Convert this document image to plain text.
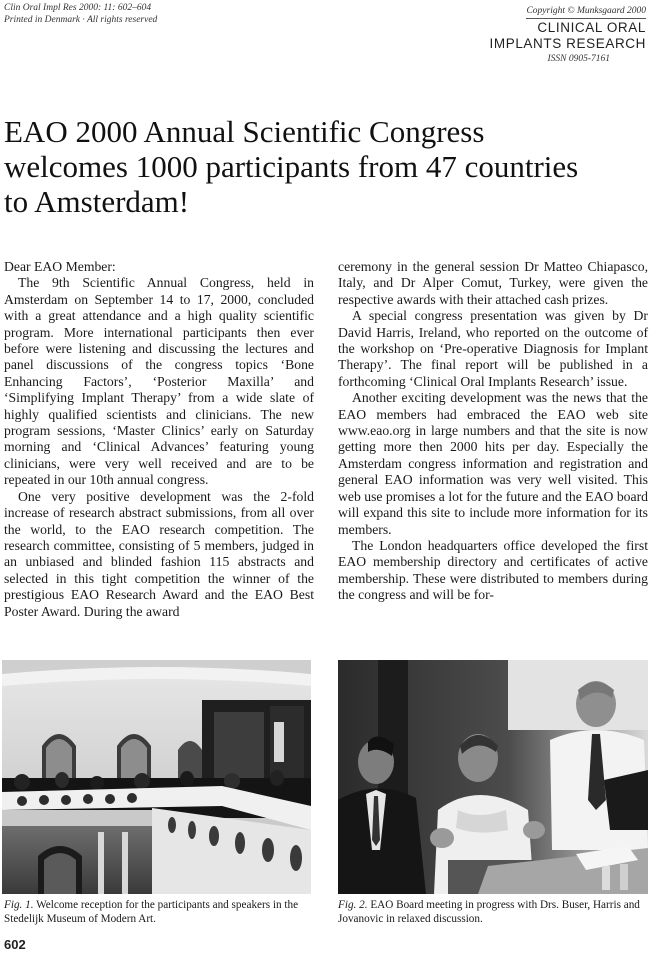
Clin Oral Impl Res 2000: 11: 602–604
Printed in Denmark · All rights reserved
Copyright © Munksgaard 2000
CLINICAL ORAL
IMPLANTS RESEARCH
ISSN 0905-7161
EAO 2000 Annual Scientific Congress
welcomes 1000 participants from 47 countries
to Amsterdam!

Dear EAO Member:

The 9th Scientific Annual Congress, held in Amsterdam on September 14 to 17, 2000, concluded with a great attendance and a high quality scientific program. More international participants then ever before were listening and discussing the lectures and panel discussions of the congress topics ‘Bone Enhancing Factors’, ‘Posterior Maxilla’ and ‘Simplifying Implant Therapy’ from a wide slate of highly qualified scientists and clinicians. The new program sessions, ‘Master Clinics’ early on Saturday morning and ‘Clinical Advances’ featuring young clinicians, were very well received and are to be repeated in our 10th annual congress.

One very positive development was the 2-fold increase of research abstract submissions, from all over the world, to the EAO research competition. The research committee, consisting of 5 members, judged in an unbiased and blinded fashion 115 abstracts and selected in this tight competition the winner of the prestigious EAO Research Award and the EAO Best Poster Award. During the award

ceremony in the general session Dr Matteo Chiapasco, Italy, and Dr Alper Comut, Turkey, were given the respective awards with their attached cash prizes.

A special congress presentation was given by Dr David Harris, Ireland, who reported on the outcome of the workshop on ‘Pre-operative Diagnosis for Implant Therapy’. The final report will be published in a forthcoming ‘Clinical Oral Implants Research’ issue.

Another exciting development was the news that the EAO members had embraced the EAO web site www.eao.org in large numbers and that the site is now getting more then 2000 hits per day. Especially the Amsterdam congress information and registration and general EAO information was very well visited. This web use promises a lot for the future and the EAO board will expand this site to include more information for its members.

The London headquarters office developed the first EAO membership directory and certificates of active membership. These were distributed to members during the congress and will be for-

Fig. 1. Welcome reception for the participants and speakers in the Stedelijk Museum of Modern Art.
Fig. 2. EAO Board meeting in progress with Drs. Buser, Harris and Jovanovic in relaxed discussion.
602
